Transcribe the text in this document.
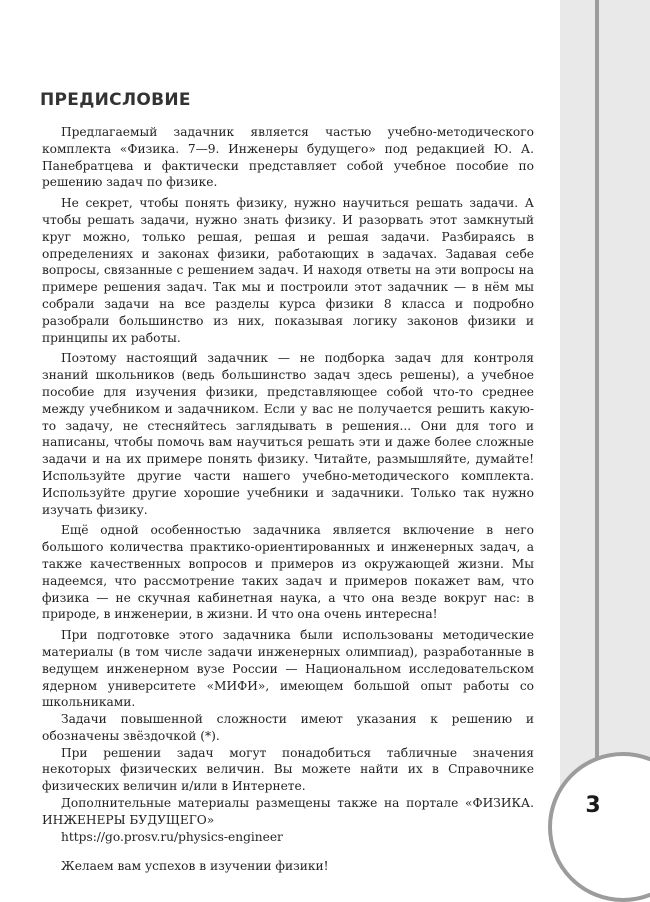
3
ПРЕДИСЛОВИЕ

Предлагаемый задачник является частью учебно-методического комплекта «Физика. 7—9. Инженеры будущего» под редакцией Ю. А. Панебратцева и фактически представляет собой учебное пособие по решению задач по физике.

Не секрет, чтобы понять физику, нужно научиться решать задачи. А чтобы решать задачи, нужно знать физику. И разорвать этот замкнутый круг можно, только решая, решая и решая задачи. Разбираясь в определениях и законах физики, работающих в задачах. Задавая себе вопросы, связанные с решением задач. И находя ответы на эти вопросы на примере решения задач. Так мы и построили этот задачник — в нём мы собрали задачи на все разделы курса физики 8 класса и подробно разобрали большинство из них, показывая логику законов физики и принципы их работы.

Поэтому настоящий задачник — не подборка задач для контроля знаний школьников (ведь большинство задач здесь решены), а учебное пособие для изучения физики, представляющее собой что-то среднее между учебником и задачником. Если у вас не получается решить какую-то задачу, не стесняйтесь заглядывать в решения... Они для того и написаны, чтобы помочь вам научиться решать эти и даже более сложные задачи и на их примере понять физику. Читайте, размышляйте, думайте! Используйте другие части нашего учебно-методического комплекта. Используйте другие хорошие учебники и задачники. Только так нужно изучать физику.

Ещё одной особенностью задачника является включение в него большого количества практико-ориентированных и инженерных задач, а также качественных вопросов и примеров из окружающей жизни. Мы надеемся, что рассмотрение таких задач и примеров покажет вам, что физика — не скучная кабинетная наука, а что она везде вокруг нас: в природе, в инженерии, в жизни. И что она очень интересна!

При подготовке этого задачника были использованы методические материалы (в том числе задачи инженерных олимпиад), разработанные в ведущем инженерном вузе России — Национальном исследовательском ядерном университете «МИФИ», имеющем большой опыт работы со школьниками.

Задачи повышенной сложности имеют указания к решению и обозначены звёздочкой (*).

При решении задач могут понадобиться табличные значения некоторых физических величин. Вы можете найти их в Справочнике физических величин и/или в Интернете.

Дополнительные материалы размещены также на портале «ФИЗИКА. ИНЖЕНЕРЫ БУДУЩЕГО»

https://go.prosv.ru/physics-engineer

Желаем вам успехов в изучении физики!
